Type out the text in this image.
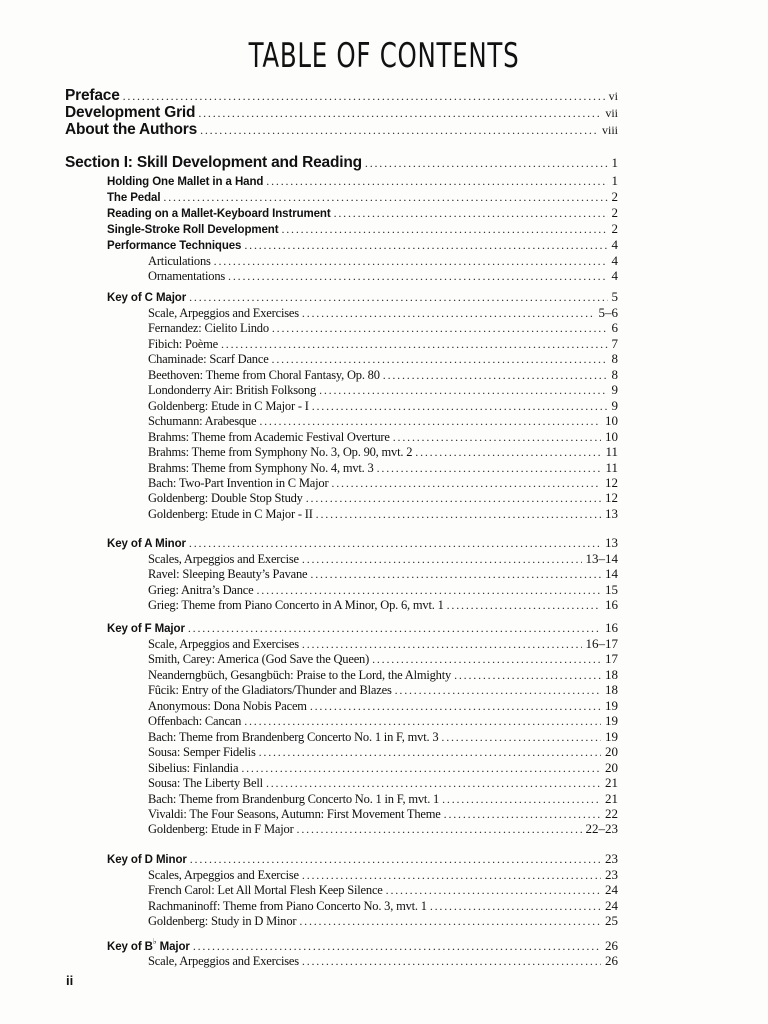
TABLE OF CONTENTS
Preface . . .	vi
Development Grid . . .	vii
About the Authors . . .	viii
Section I: Skill Development and Reading . . .	1
Holding One Mallet in a Hand . . .	1
The Pedal . . .	2
Reading on a Mallet-Keyboard Instrument . . .	2
Single-Stroke Roll Development . . .	2
Performance Techniques . . .	4
Articulations . . .	4
Ornamentations . . .	4
Key of C Major . . .	5
Scale, Arpeggios and Exercises . . .	5–6
Fernandez: Cielito Lindo . . .	6
Fibich: Poème . . .	7
Chaminade: Scarf Dance . . .	8
Beethoven: Theme from Choral Fantasy, Op. 80 . . .	8
Londonderry Air: British Folksong . . .	9
Goldenberg: Etude in C Major - I . . .	9
Schumann: Arabesque . . .	10
Brahms: Theme from Academic Festival Overture . . .	10
Brahms: Theme from Symphony No. 3, Op. 90, mvt. 2 . . .	11
Brahms: Theme from Symphony No. 4, mvt. 3 . . .	11
Bach: Two-Part Invention in C Major . . .	12
Goldenberg: Double Stop Study . . .	12
Goldenberg: Etude in C Major - II . . .	13
Key of A Minor . . .	13
Scales, Arpeggios and Exercise . . .	13–14
Ravel: Sleeping Beauty’s Pavane . . .	14
Grieg: Anitra’s Dance . . .	15
Grieg: Theme from Piano Concerto in A Minor, Op. 6, mvt. 1 . . .	16
Key of F Major . . .	16
Scale, Arpeggios and Exercises . . .	16–17
Smith, Carey: America (God Save the Queen) . . .	17
Neanderngbüch, Gesangbüch: Praise to the Lord, the Almighty . . .	18
Fûcik: Entry of the Gladiators/Thunder and Blazes . . .	18
Anonymous: Dona Nobis Pacem . . .	19
Offenbach: Cancan . . .	19
Bach: Theme from Brandenberg Concerto No. 1 in F, mvt. 3 . . .	19
Sousa: Semper Fidelis . . .	20
Sibelius: Finlandia . . .	20
Sousa: The Liberty Bell . . .	21
Bach: Theme from Brandenburg Concerto No. 1 in F, mvt. 1 . . .	21
Vivaldi: The Four Seasons, Autumn: First Movement Theme . . .	22
Goldenberg: Etude in F Major . . .	22–23
Key of D Minor . . .	23
Scales, Arpeggios and Exercise . . .	23
French Carol: Let All Mortal Flesh Keep Silence . . .	24
Rachmaninoff: Theme from Piano Concerto No. 3, mvt. 1 . . .	24
Goldenberg: Study in D Minor . . .	25
Key of B♭ Major . . .	26
Scale, Arpeggios and Exercises . . .	26
ii
